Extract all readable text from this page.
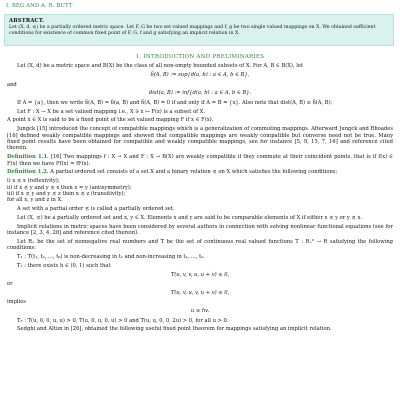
I. BEG AND A. R. BUTT
ABSTRACT.
Let (X, d, ⪯) be a partially ordered metric space. Let F, G be two set valued mappings and f, g be two single valued mappings on X. We obtained sufficient conditions for existence of common fixed point of F, G, f and g satisfying an implicit relation in X.
1. INTRODUCTION AND PRELIMINARIES

Let (X, d) be a metric space and B(X) be the class of all non-empty bounded subsets of X. For A, B ∈ B(X), let

δ(A, B) := sup{d(a, b) : a ∈ A, b ∈ B},

and

dist(a, B) := inf{d(a, b) : a ∈ A, b ∈ B}.

If A = {a}, then we write δ(A, B) = δ(a, B) and δ(A, B) = 0 if and only if A = B = {x}. Also note that dist(A, B) ≤ δ(A, B).

Let F : X → X be a set valued mapping i.e., X ∋ x ↦ F(x) is a subset of X.

A point x ∈ X is said to be a fixed point of the set valued mapping F if x ∈ F(x).

Jungck [15] introduced the concept of compatible mappings which is a generalization of commuting mappings. Afterward Jungck and Rhoades [16] defined weakly compatible mappings and showed that compatible mappings are weakly compatible but converse need not be true. Many fixed point results have been obtained for compatible and weakly compatible mappings, see for instance [5, 9, 15, 7, 16] and reference cited therein.

Definition 1.1. [16] Two mappings f : X → X and F : X → B(X) are weakly compatible if they commute at their coincident points, that is if f(x) ∈ F(x) then we have Ff(x) = fF(x).

Definition 1.2. A partial ordered set consists of a set X and a binary relation ⪯ on X which satisfies the following conditions:

i) x ⪯ x (reflexivity);
ii) if x ⪯ y and y ⪯ x then x = y (antisymmetry);
iii) if x ⪯ y and y ⪯ z then x ⪯ z (transitivity);
for all x, y and z in X.

A set with a partial order ⪯ is called a partially ordered set.

Let (X, ⪯) be a partially ordered set and x, y ∈ X. Elements x and y are said to be comparable elements of X if either x ⪯ y or y ⪯ x.

Implicit relations in metric spaces have been considered by several authors in connection with solving nonlinear functional equations (see for instance [2, 3, 4, 28] and reference cited therein).

Let R₊ be the set of nonnegative real numbers and T be the set of continuous real valued functions T : R₊⁶ → R satisfying the following conditions:

T₁ : T(t₁, t₂, ..., t₆) is non-decreasing in t₁ and non-increasing in t₂, ..., t₅.

T₂ : there exists h ∈ (0, 1) such that

T(u, v, v, u, u + v) ≤ 0,

or

T(u, v, u, v, u + v) ≤ 0,

implies

u ≤ hv.

T₃ : T(u, 0, 0, u, u) > 0, T(u, 0, u, 0, u) > 0 and T(u, u, 0, 0, 2u) > 0, for all u > 0.

Sedghi and Altun in [26], obtained the following useful fixed point theorem for mappings satisfying an implicit relation.
